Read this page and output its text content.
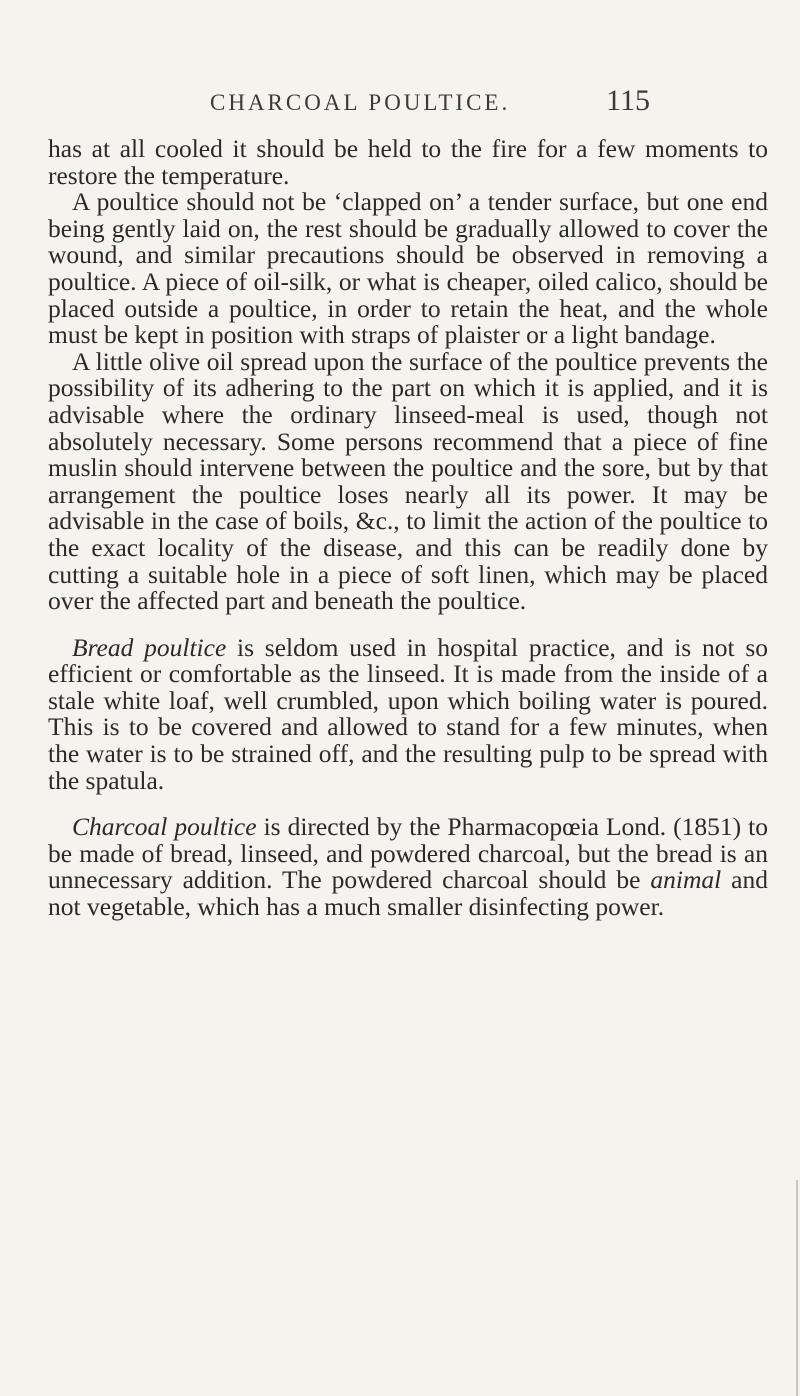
CHARCOAL POULTICE.	115

has at all cooled it should be held to the fire for a few moments to restore the temperature.

A poultice should not be ‘clapped on’ a tender surface, but one end being gently laid on, the rest should be gradually allowed to cover the wound, and similar precautions should be observed in removing a poultice. A piece of oil-silk, or what is cheaper, oiled calico, should be placed outside a poultice, in order to retain the heat, and the whole must be kept in position with straps of plaister or a light bandage.

A little olive oil spread upon the surface of the poultice prevents the possibility of its adhering to the part on which it is applied, and it is advisable where the ordinary linseed-meal is used, though not absolutely necessary. Some persons recommend that a piece of fine muslin should intervene between the poultice and the sore, but by that arrangement the poultice loses nearly all its power. It may be advisable in the case of boils, &c., to limit the action of the poultice to the exact locality of the disease, and this can be readily done by cutting a suitable hole in a piece of soft linen, which may be placed over the affected part and beneath the poultice.

Bread poultice is seldom used in hospital practice, and is not so efficient or comfortable as the linseed. It is made from the inside of a stale white loaf, well crumbled, upon which boiling water is poured. This is to be covered and allowed to stand for a few minutes, when the water is to be strained off, and the resulting pulp to be spread with the spatula.

Charcoal poultice is directed by the Pharmacopœia Lond. (1851) to be made of bread, linseed, and powdered charcoal, but the bread is an unnecessary addition. The powdered charcoal should be animal and not vegetable, which has a much smaller disinfecting power.
